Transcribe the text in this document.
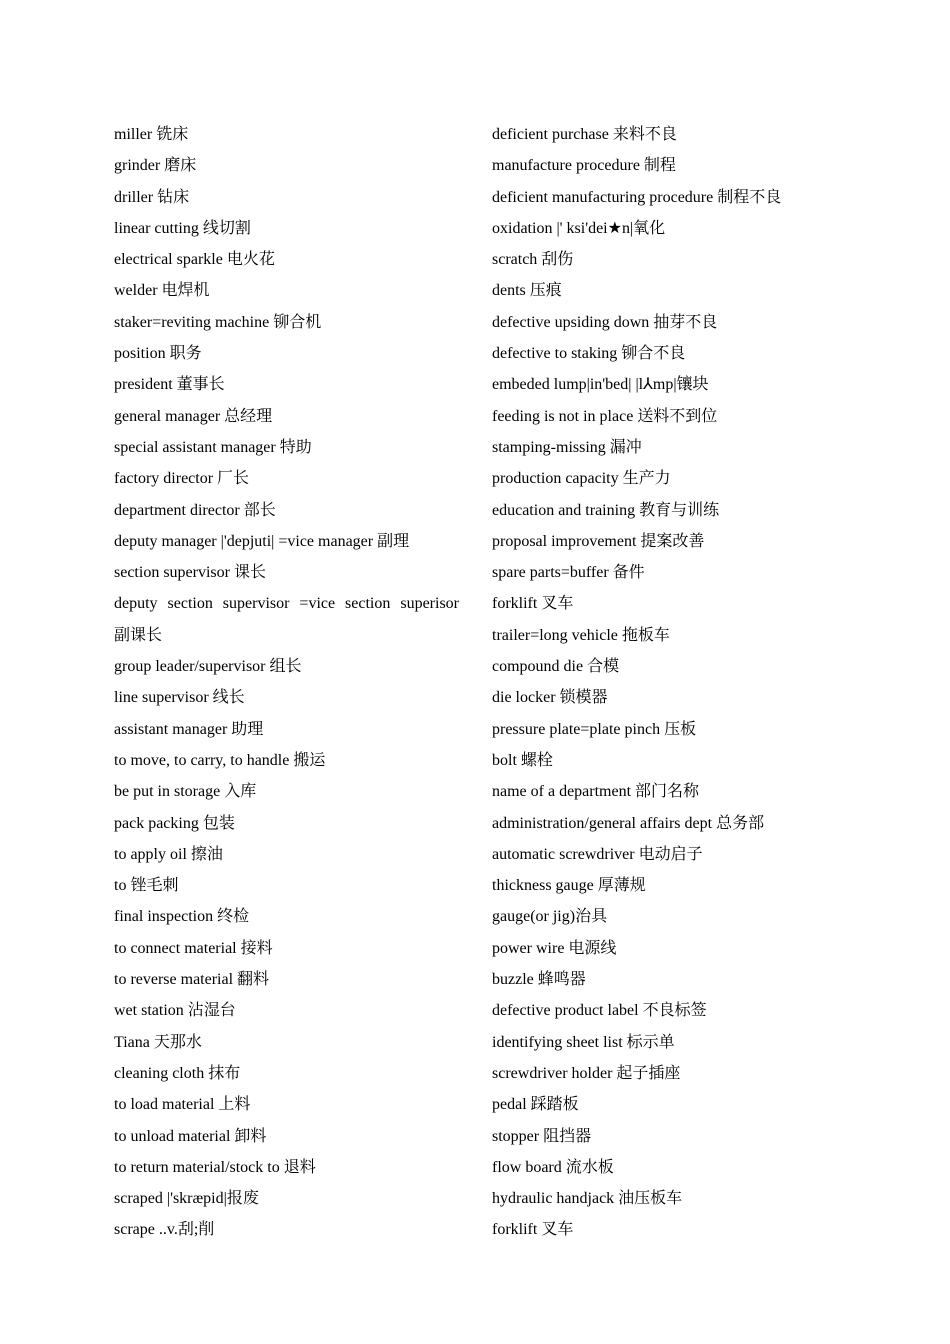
miller 铣床
grinder 磨床
driller 钻床
linear cutting 线切割
electrical sparkle 电火花
welder 电焊机
staker=reviting machine 铆合机
position 职务
president 董事长
general manager 总经理
special assistant manager 特助
factory director 厂长
department director 部长
deputy manager |'depjuti| =vice manager 副理
section supervisor 课长
deputy section supervisor =vice section superisor
副课长
group leader/supervisor 组长
line supervisor 线长
assistant manager 助理
to move, to carry, to handle 搬运
be put in storage 入库
pack packing 包装
to apply oil 擦油
to 锉毛刺
final inspection 终检
to connect material 接料
to reverse material 翻料
wet station 沾湿台
Tiana 天那水
cleaning cloth 抹布
to load material 上料
to unload material 卸料
to return material/stock to 退料
scraped |'skræpid|报废
scrape ..v.刮;削
deficient purchase 来料不良
manufacture procedure 制程
deficient manufacturing procedure 制程不良
oxidation |' ksi'dei★n|氧化
scratch 刮伤
dents 压痕
defective upsiding down 抽芽不良
defective to staking 铆合不良
embeded lump|in'bed| |l⅄mp|镶块
feeding is not in place 送料不到位
stamping-missing 漏冲
production capacity 生产力
education and training 教育与训练
proposal improvement 提案改善
spare parts=buffer 备件
forklift 叉车
trailer=long vehicle 拖板车
compound die 合模
die locker 锁模器
pressure plate=plate pinch 压板
bolt 螺栓
name of a department 部门名称
administration/general affairs dept 总务部
automatic screwdriver 电动启子
thickness gauge 厚薄规
gauge(or jig)治具
power wire 电源线
buzzle 蜂鸣器
defective product label 不良标签
identifying sheet list 标示单
screwdriver holder 起子插座
pedal 踩踏板
stopper 阻挡器
flow board 流水板
hydraulic handjack 油压板车
forklift 叉车
